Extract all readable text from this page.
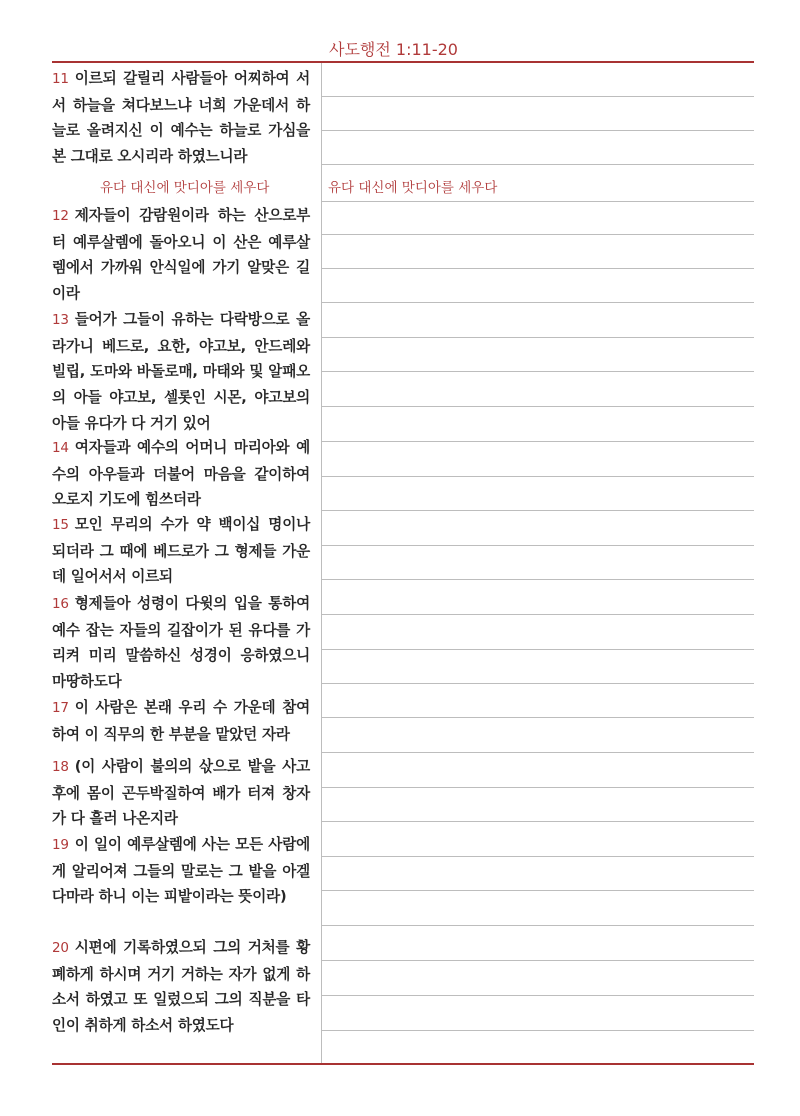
사도행전 1:11-20
유다 대신에 맛디아를 세우다	유다 대신에 맛디아를 세우다
11 이르되 갈릴리 사람들아 어찌하여 서서 하늘을 쳐다보느냐 너희 가운데서 하늘로 올려지신 이 예수는 하늘로 가심을 본 그대로 오시리라 하였느니라
12 제자들이 감람원이라 하는 산으로부터 예루살렘에 돌아오니 이 산은 예루살렘에서 가까워 안식일에 가기 알맞은 길이라
13 들어가 그들이 유하는 다락방으로 올라가니 베드로, 요한, 야고보, 안드레와 빌립, 도마와 바돌로매, 마태와 및 알패오의 아들 야고보, 셀롯인 시몬, 야고보의 아들 유다가 다 거기 있어
14 여자들과 예수의 어머니 마리아와 예수의 아우들과 더불어 마음을 같이하여 오로지 기도에 힘쓰더라
15 모인 무리의 수가 약 백이십 명이나 되더라 그 때에 베드로가 그 형제들 가운데 일어서서 이르되
16 형제들아 성령이 다윗의 입을 통하여 예수 잡는 자들의 길잡이가 된 유다를 가리켜 미리 말씀하신 성경이 응하였으니 마땅하도다
17 이 사람은 본래 우리 수 가운데 참여하여 이 직무의 한 부분을 맡았던 자라
18 (이 사람이 불의의 삯으로 밭을 사고 후에 몸이 곤두박질하여 배가 터져 창자가 다 흘러 나온지라
19 이 일이 예루살렘에 사는 모든 사람에게 알리어져 그들의 말로는 그 밭을 아겔다마라 하니 이는 피밭이라는 뜻이라)
20 시편에 기록하였으되 그의 거처를 황폐하게 하시며 거기 거하는 자가 없게 하소서 하였고 또 일렀으되 그의 직분을 타인이 취하게 하소서 하였도다
